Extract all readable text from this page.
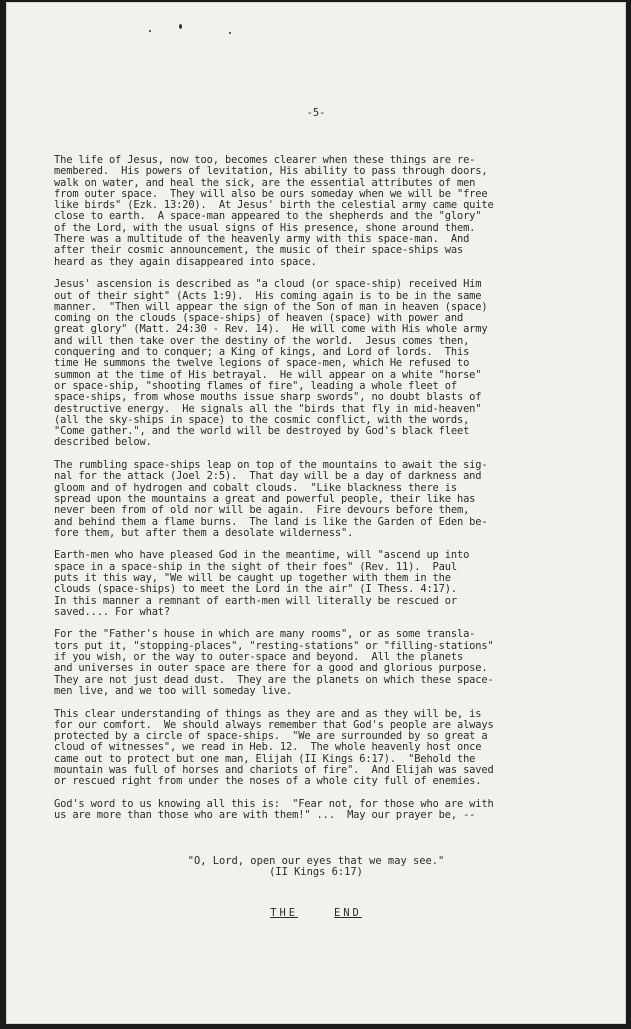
-5-

The life of Jesus, now too, becomes clearer when these things are re-
membered.  His powers of levitation, His ability to pass through doors,
walk on water, and heal the sick, are the essential attributes of men
from outer space.  They will also be ours someday when we will be "free
like birds" (Ezk. 13:20).  At Jesus' birth the celestial army came quite
close to earth.  A space-man appeared to the shepherds and the "glory"
of the Lord, with the usual signs of His presence, shone around them.
There was a multitude of the heavenly army with this space-man.  And
after their cosmic announcement, the music of their space-ships was
heard as they again disappeared into space.

Jesus' ascension is described as "a cloud (or space-ship) received Him
out of their sight" (Acts 1:9).  His coming again is to be in the same
manner.  "Then will appear the sign of the Son of man in heaven (space)
coming on the clouds (space-ships) of heaven (space) with power and
great glory" (Matt. 24:30 - Rev. 14).  He will come with His whole army
and will then take over the destiny of the world.  Jesus comes then,
conquering and to conquer; a King of kings, and Lord of lords.  This
time He summons the twelve legions of space-men, which He refused to
summon at the time of His betrayal.  He will appear on a white "horse"
or space-ship, "shooting flames of fire", leading a whole fleet of
space-ships, from whose mouths issue sharp swords", no doubt blasts of
destructive energy.  He signals all the "birds that fly in mid-heaven"
(all the sky-ships in space) to the cosmic conflict, with the words,
"Come gather.", and the world will be destroyed by God's black fleet
described below.

The rumbling space-ships leap on top of the mountains to await the sig-
nal for the attack (Joel 2:5).  That day will be a day of darkness and
gloom and of hydrogen and cobalt clouds.  "Like blackness there is
spread upon the mountains a great and powerful people, their like has
never been from of old nor will be again.  Fire devours before them,
and behind them a flame burns.  The land is like the Garden of Eden be-
fore them, but after them a desolate wilderness".

Earth-men who have pleased God in the meantime, will "ascend up into
space in a space-ship in the sight of their foes" (Rev. 11).  Paul
puts it this way, "We will be caught up together with them in the
clouds (space-ships) to meet the Lord in the air" (I Thess. 4:17).
In this manner a remnant of earth-men will literally be rescued or
saved.... For what?

For the "Father's house in which are many rooms", or as some transla-
tors put it, "stopping-places", "resting-stations" or "filling-stations"
if you wish, or the way to outer-space and beyond.  All the planets
and universes in outer space are there for a good and glorious purpose.
They are not just dead dust.  They are the planets on which these space-
men live, and we too will someday live.

This clear understanding of things as they are and as they will be, is
for our comfort.  We should always remember that God's people are always
protected by a circle of space-ships.  "We are surrounded by so great a
cloud of witnesses", we read in Heb. 12.  The whole heavenly host once
came out to protect but one man, Elijah (II Kings 6:17).  "Behold the
mountain was full of horses and chariots of fire".  And Elijah was saved
or rescued right from under the noses of a whole city full of enemies.

God's word to us knowing all this is:  "Fear not, for those who are with
us are more than those who are with them!" ...  May our prayer be, --

"O, Lord, open our eyes that we may see."
(II Kings 6:17)
THE	END
